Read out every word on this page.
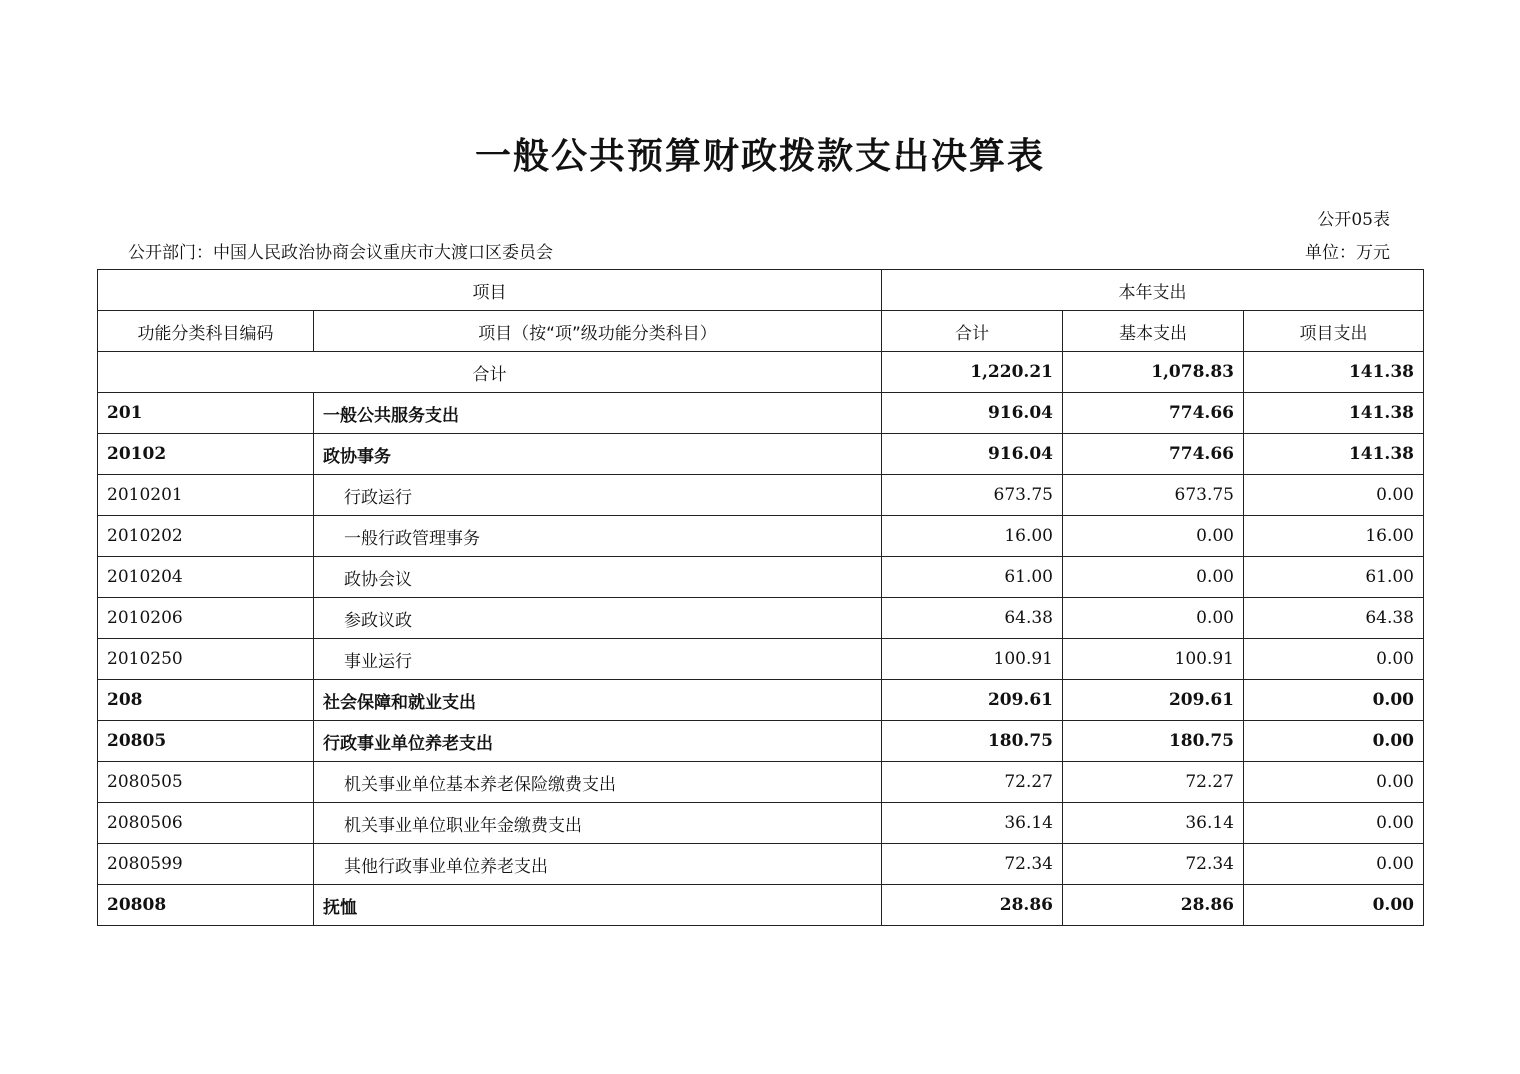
一般公共预算财政拨款支出决算表
公开05表
公开部门：中国人民政治协商会议重庆市大渡口区委员会	单位：万元
项目		本年支出		
功能分类科目编码	项目（按“项”级功能分类科目）	合计	基本支出	项目支出
合计		1,220.21	1,078.83	141.38
201	一般公共服务支出	916.04	774.66	141.38
20102	政协事务	916.04	774.66	141.38
2010201	行政运行	673.75	673.75	0.00
2010202	一般行政管理事务	16.00	0.00	16.00
2010204	政协会议	61.00	0.00	61.00
2010206	参政议政	64.38	0.00	64.38
2010250	事业运行	100.91	100.91	0.00
208	社会保障和就业支出	209.61	209.61	0.00
20805	行政事业单位养老支出	180.75	180.75	0.00
2080505	机关事业单位基本养老保险缴费支出	72.27	72.27	0.00
2080506	机关事业单位职业年金缴费支出	36.14	36.14	0.00
2080599	其他行政事业单位养老支出	72.34	72.34	0.00
20808	抚恤	28.86	28.86	0.00
